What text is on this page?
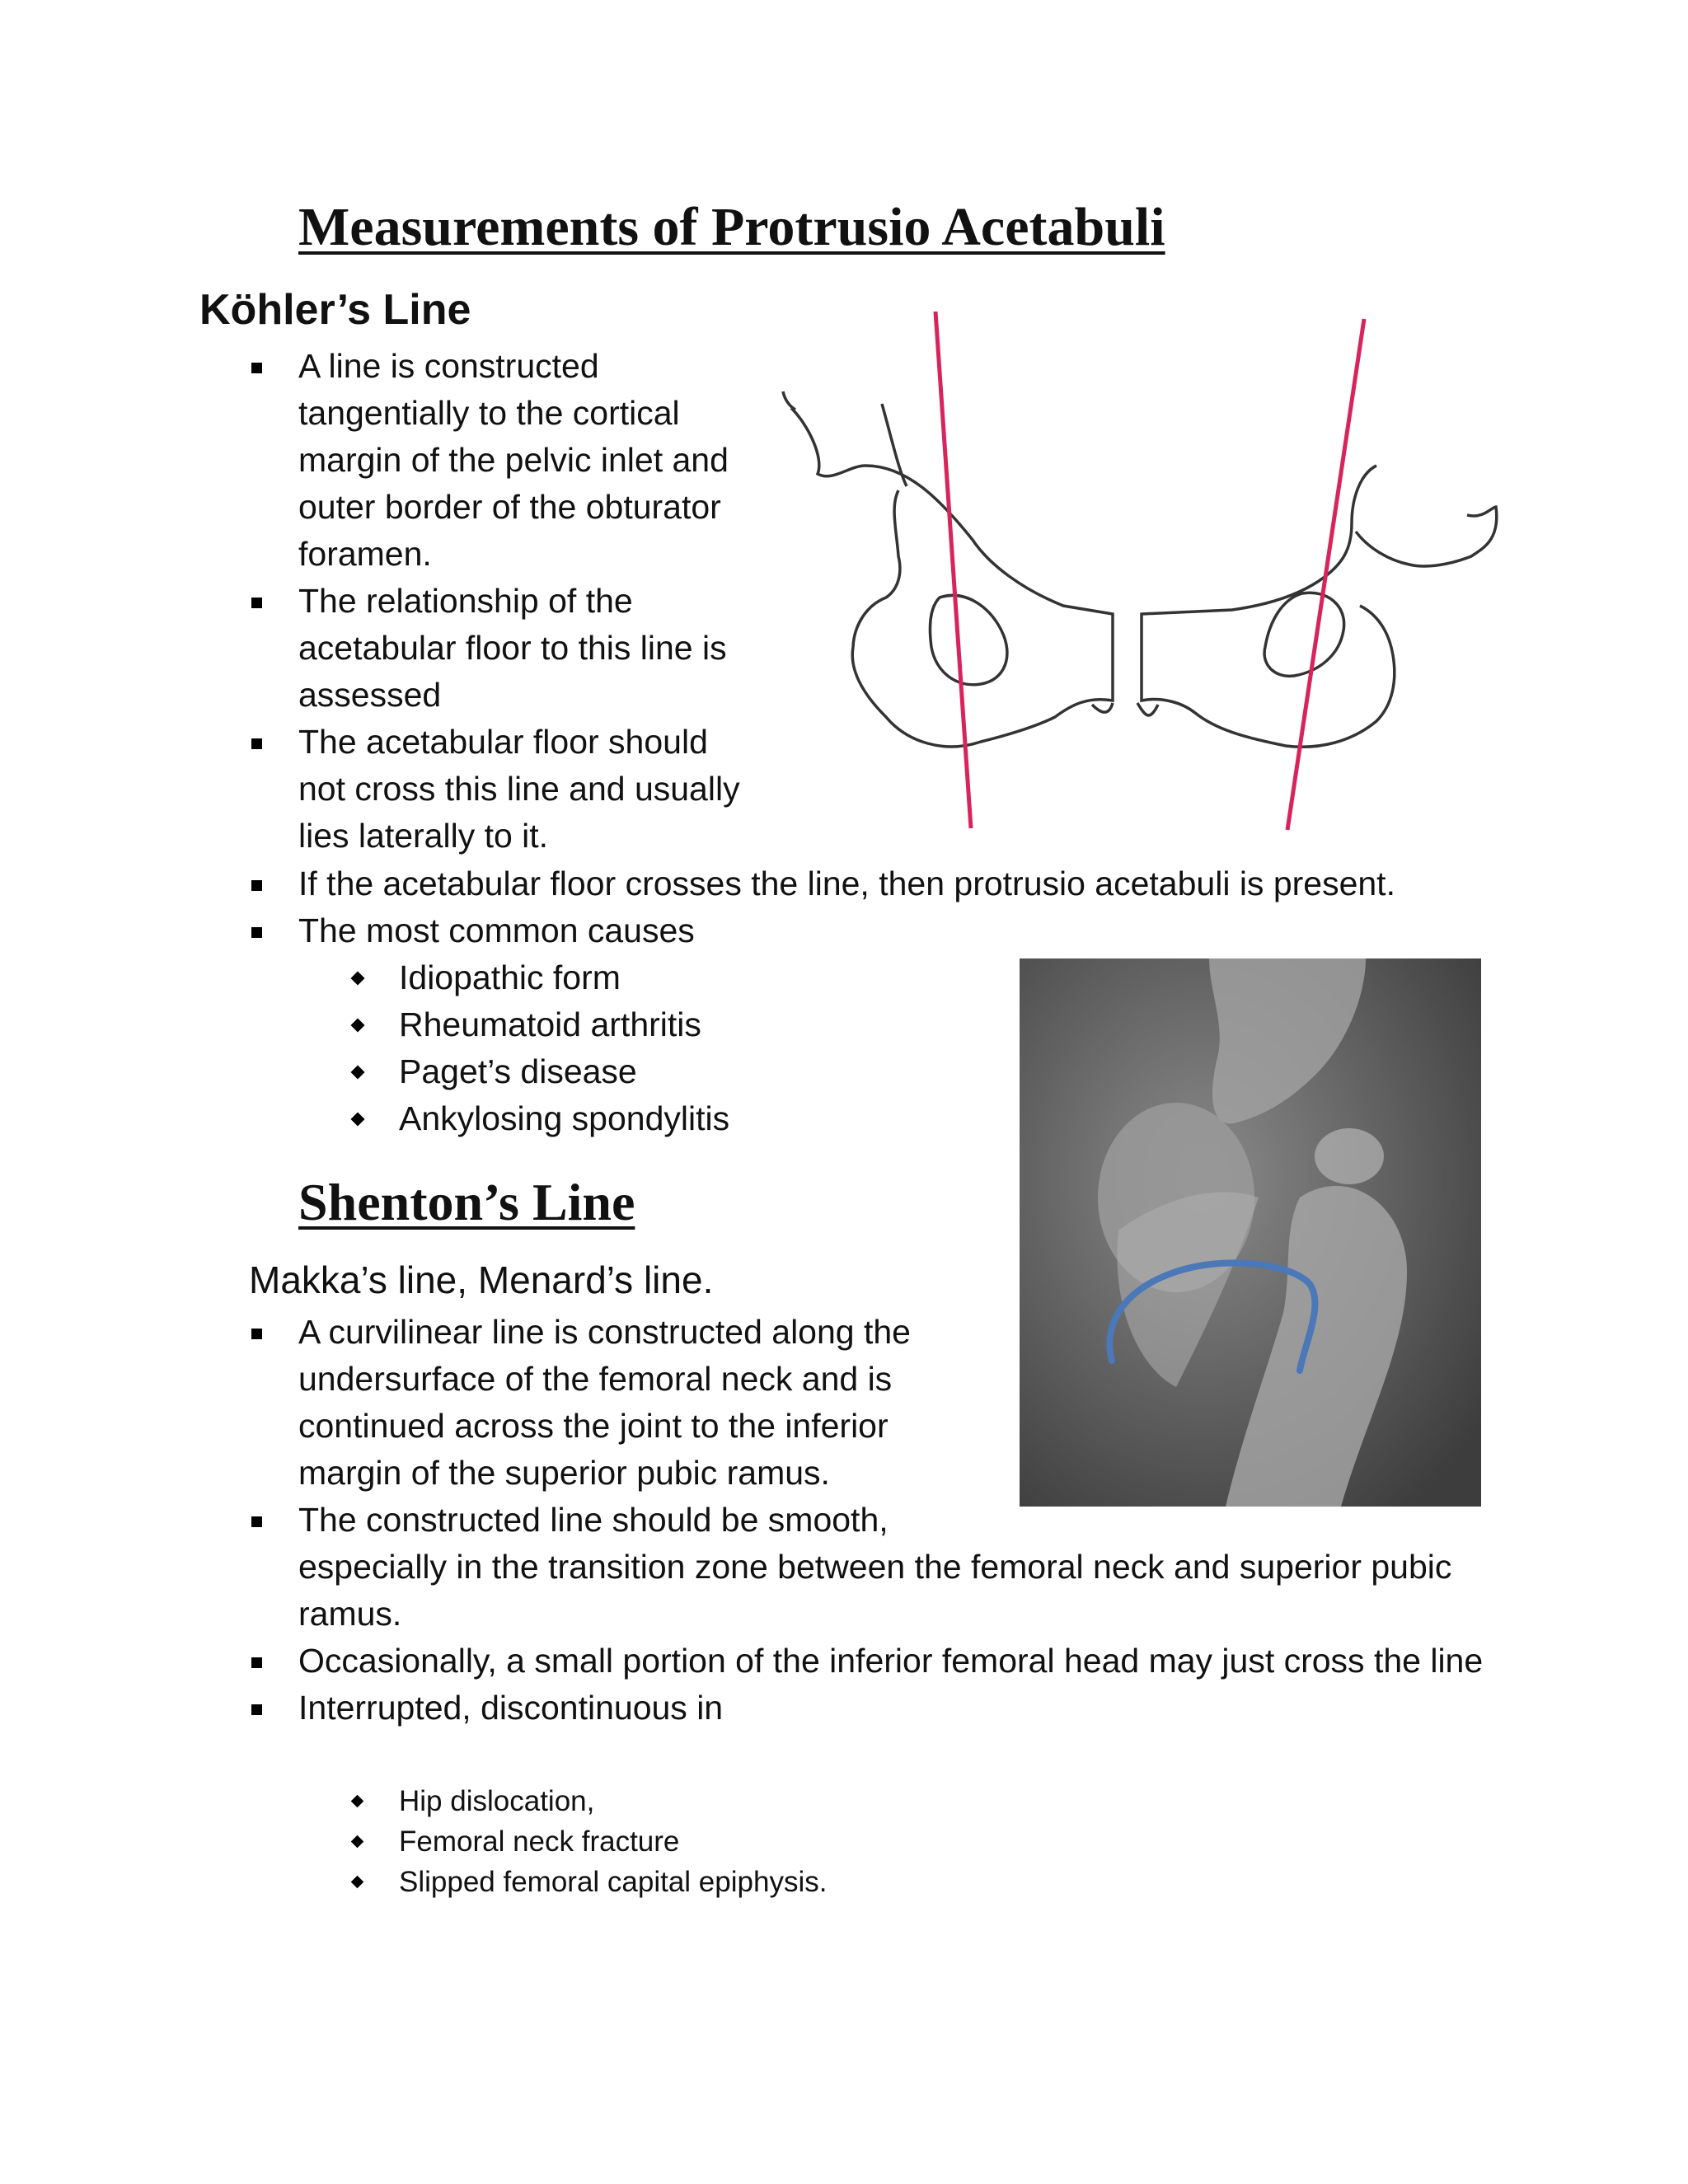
Measurements of Protrusio Acetabuli
Köhler’s Line
A line is constructed tangentially to the cortical margin of the pelvic inlet and outer border of the obturator foramen.
The relationship of the acetabular floor to this line is assessed
The acetabular floor should not cross this line and usually lies laterally to it.
If the acetabular floor crosses the line, then protrusio acetabuli is present.
The most common causes
Idiopathic form
Rheumatoid arthritis
Paget’s disease
Ankylosing spondylitis
Shenton’s Line
Makka’s line, Menard’s line.
A curvilinear line is constructed along the undersurface of the femoral neck and is continued across the joint to the inferior margin of the superior pubic ramus.
The constructed line should be smooth,
especially in the transition zone between the femoral neck and superior pubic ramus.
Occasionally, a small portion of the inferior femoral head may just cross the line
Interrupted, discontinuous in
Hip dislocation,
Femoral neck fracture
Slipped femoral capital epiphysis.
